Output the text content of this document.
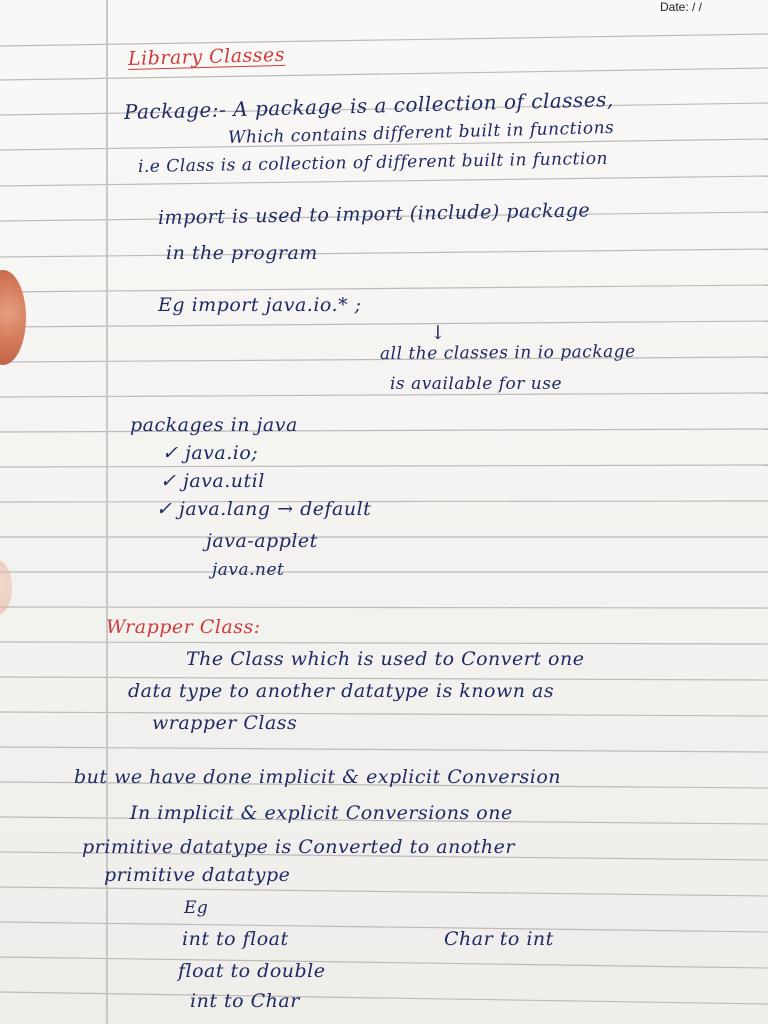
Date: / /
Library Classes
Package:- A package is a collection of classes,
Which contains different built in functions
i.e Class is a collection of different built in function
import is used to import (include) package
in the program
Eg import java.io.* ;
↓
all the classes in io package
is available for use
packages in java
✓ java.io;
✓ java.util
✓ java.lang → default
java-applet
java.net
Wrapper Class:
The Class which is used to Convert one
data type to another datatype is known as
wrapper Class
but we have done implicit & explicit Conversion
In implicit & explicit Conversions one
primitive datatype is Converted to another
primitive datatype
Eg
int to float	Char to int
float to double
int to Char
